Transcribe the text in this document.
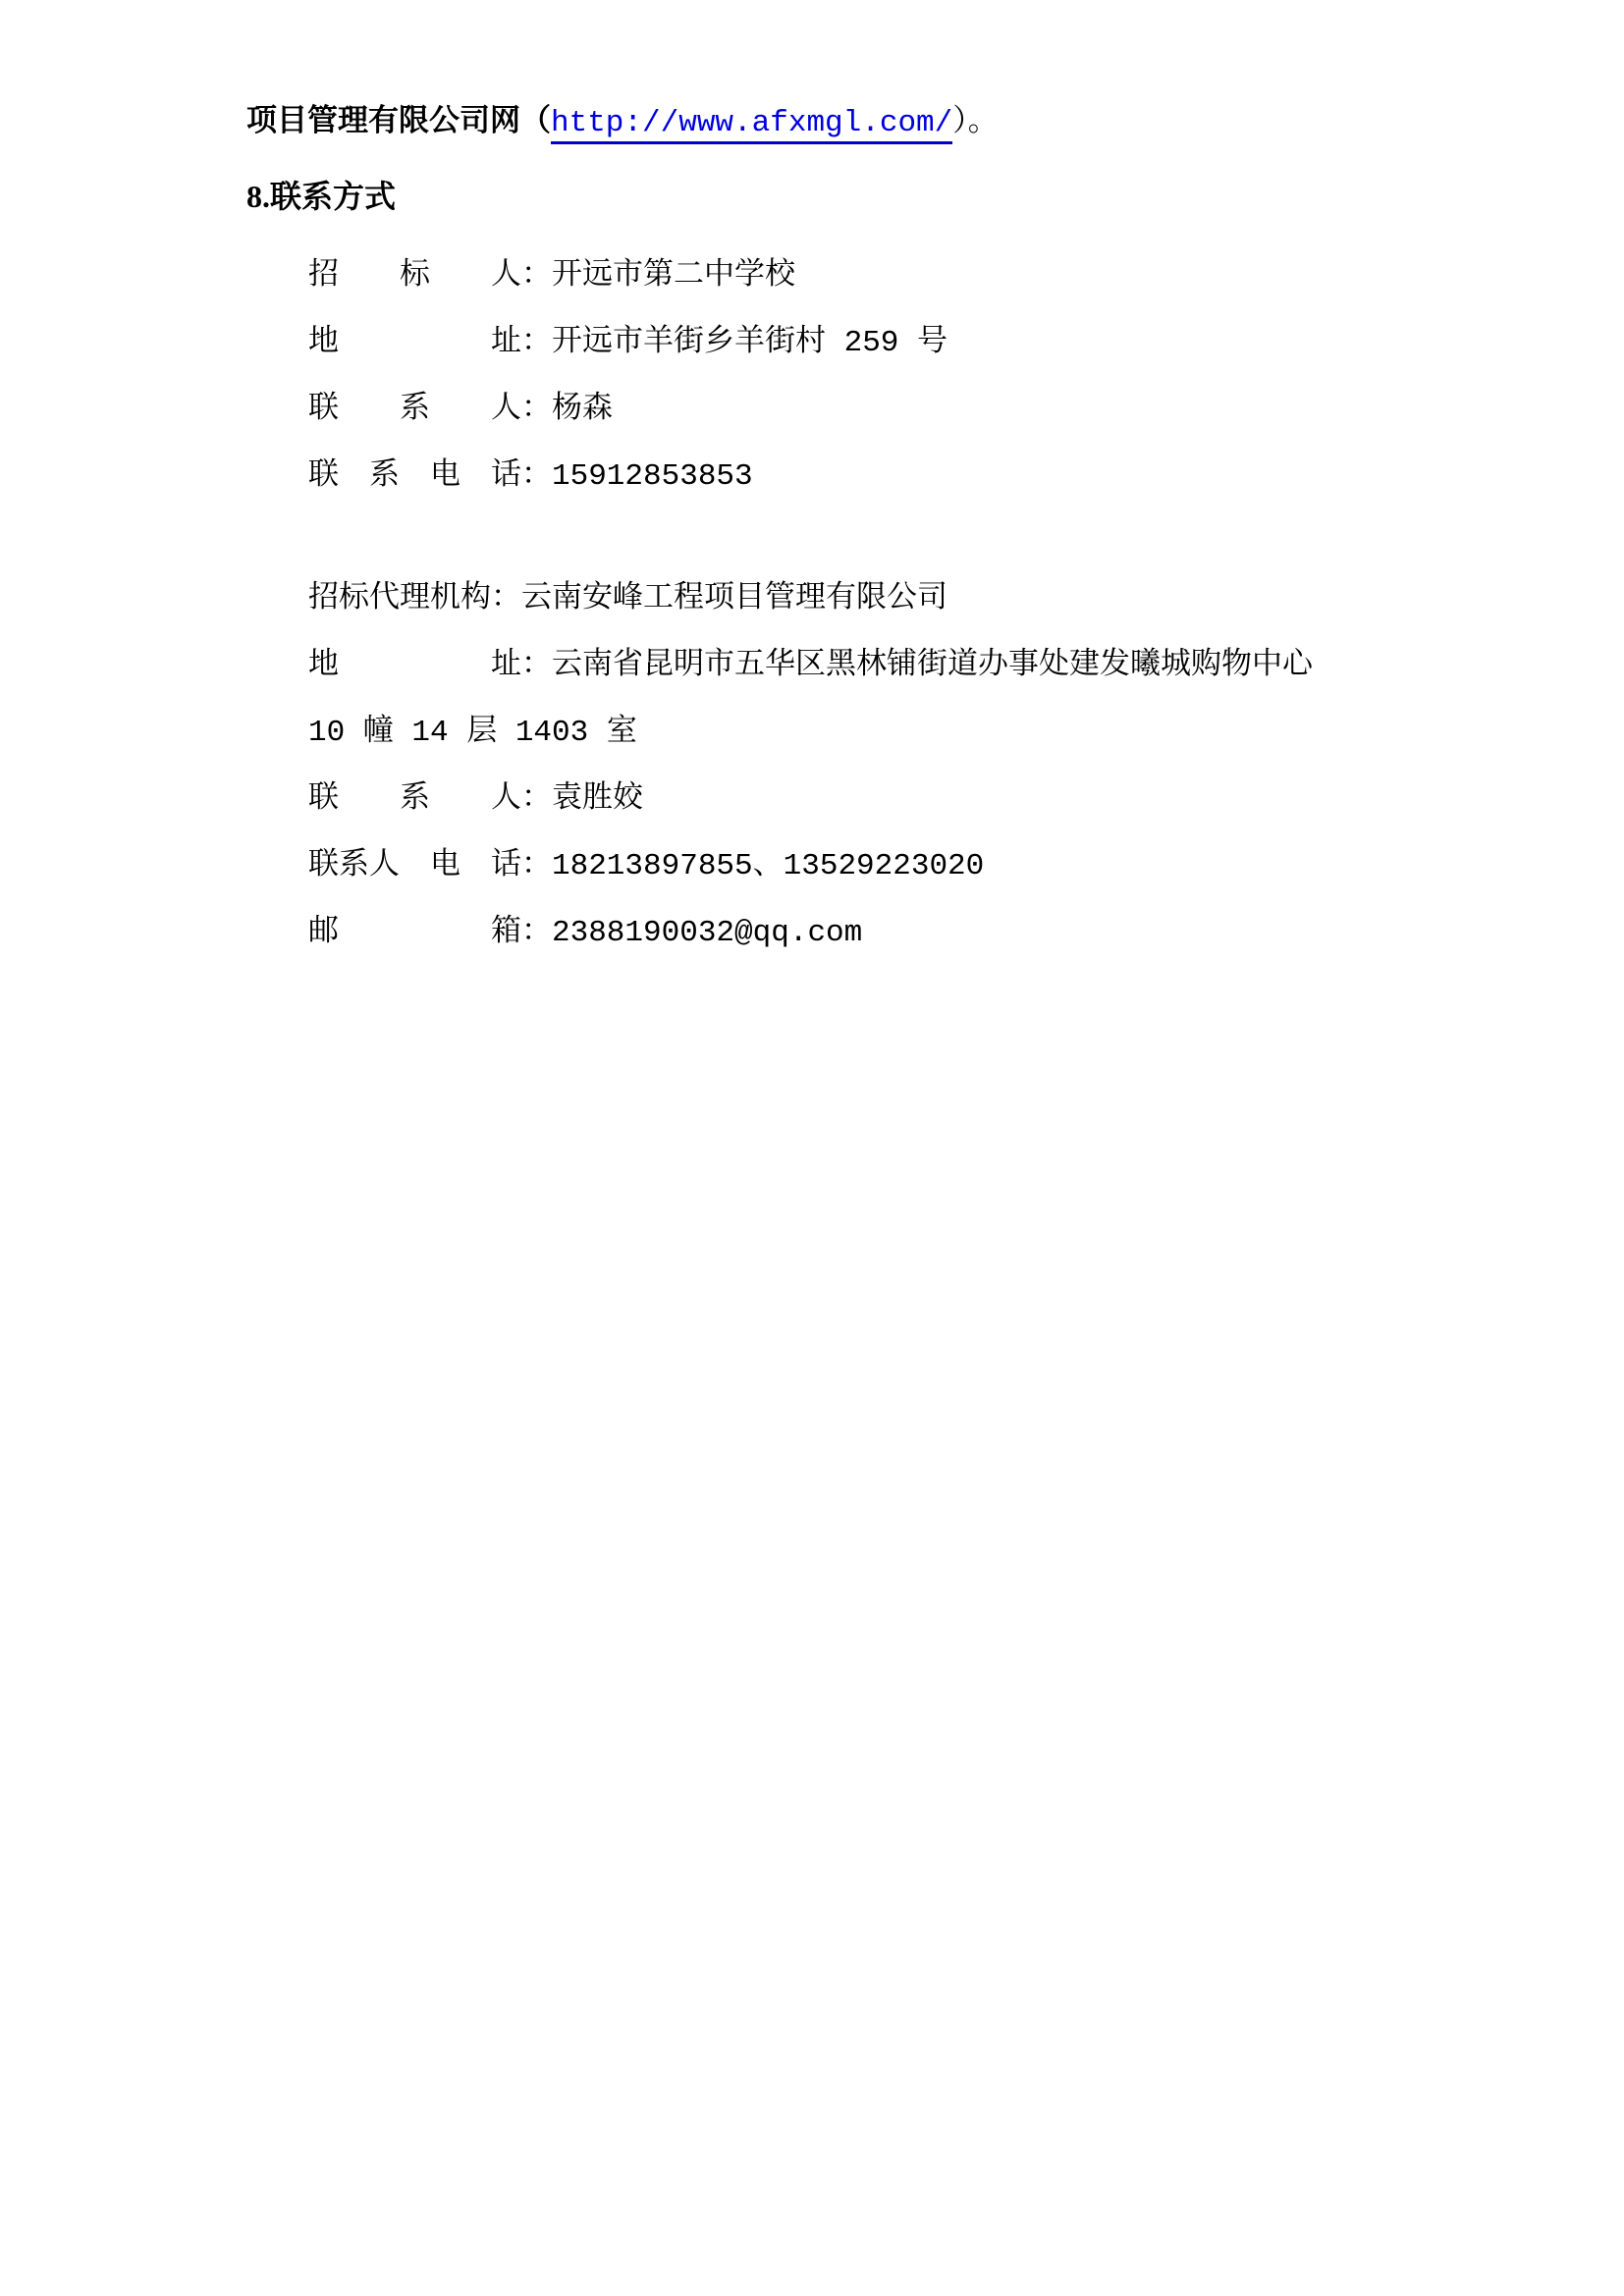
项目管理有限公司网（http://www.afxmgl.com/）。

8.联系方式
招　　标　　人：开远市第二中学校
地　　　　　址：开远市羊街乡羊街村 259 号
联　　系　　人：杨森
联　系　电　话：15912853853
招标代理机构：云南安峰工程项目管理有限公司
地　　　　　址：云南省昆明市五华区黑林铺街道办事处建发曦城购物中心
10 幢 14 层 1403 室
联　　系　　人：袁胜姣
联系人　电　话：18213897855、13529223020
邮　　　　　箱：2388190032@qq.com
